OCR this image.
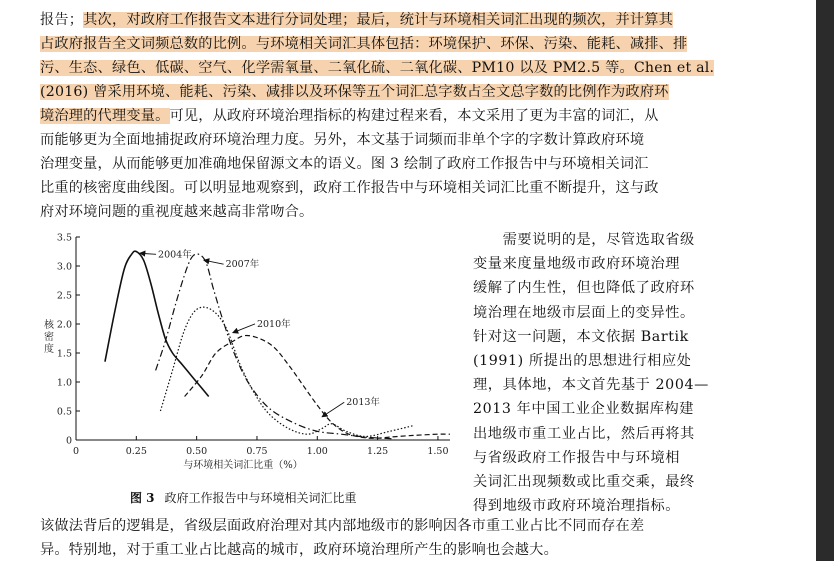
报告；其次，对政府工作报告文本进行分词处理；最后，统计与环境相关词汇出现的频次，并计算其
占政府报告全文词频总数的比例。与环境相关词汇具体包括：环境保护、环保、污染、能耗、减排、排
污、生态、绿色、低碳、空气、化学需氧量、二氧化硫、二氧化碳、PM10 以及 PM2.5 等。Chen et al.
(2016) 曾采用环境、能耗、污染、减排以及环保等五个词汇总字数占全文总字数的比例作为政府环
境治理的代理变量。可见，从政府环境治理指标的构建过程来看，本文采用了更为丰富的词汇，从
而能够更为全面地捕捉政府环境治理力度。另外，本文基于词频而非单个字的字数计算政府环境
治理变量，从而能够更加准确地保留源文本的语义。图 3 绘制了政府工作报告中与环境相关词汇
比重的核密度曲线图。可以明显地观察到，政府工作报告中与环境相关词汇比重不断提升，这与政
府对环境问题的重视度越来越高非常吻合。
0
0.5
1.0
1.5
2.0
2.5
3.0
3.5
0	0.25	0.50	0.75	1.00	1.25	1.50
与环境相关词汇比重（%）
核密度
2004年
2007年
2010年
2013年
图 3 政府工作报告中与环境相关词汇比重
　　需要说明的是，尽管选取省级
变量来度量地级市政府环境治理
缓解了内生性，但也降低了政府环
境治理在地级市层面上的变异性。
针对这一问题，本文依据 Bartik
(1991) 所提出的思想进行相应处
理，具体地，本文首先基于 2004—
2013 年中国工业企业数据库构建
出地级市重工业占比，然后再将其
与省级政府工作报告中与环境相
关词汇出现频数或比重交乘，最终
得到地级市政府环境治理指标。
该做法背后的逻辑是，省级层面政府治理对其内部地级市的影响因各市重工业占比不同而存在差
异。特别地，对于重工业占比越高的城市，政府环境治理所产生的影响也会越大。
